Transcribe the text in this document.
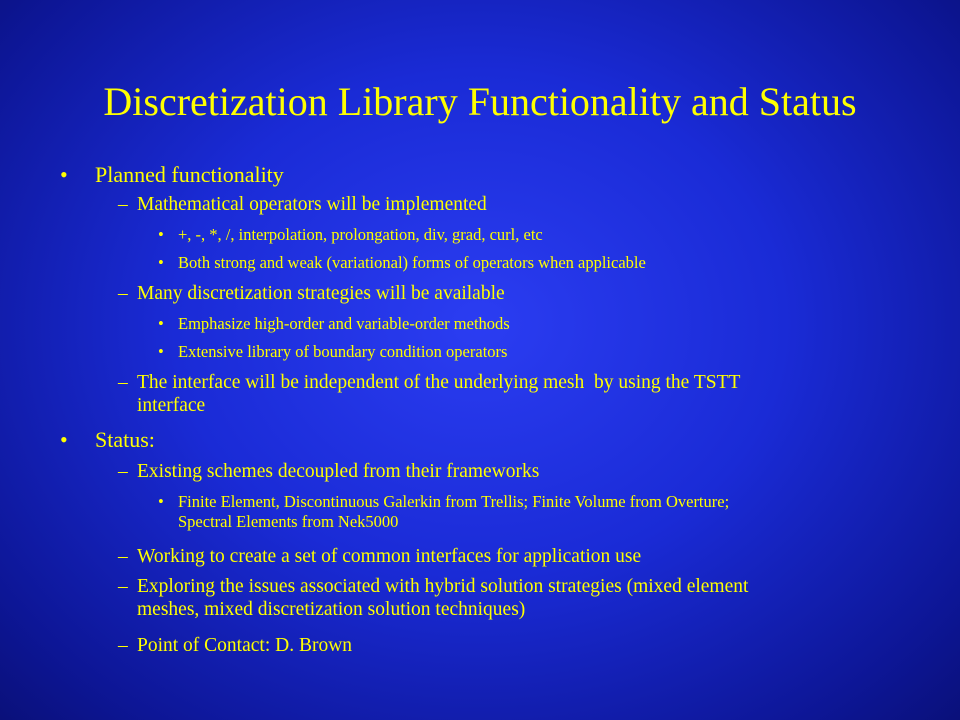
Discretization Library Functionality and Status
• Planned functionality
– Mathematical operators will be implemented
• +, -, *, /, interpolation, prolongation, div, grad, curl, etc
• Both strong and weak (variational) forms of operators when applicable
– Many discretization strategies will be available
• Emphasize high-order and variable-order methods
• Extensive library of boundary condition operators
– The interface will be independent of the underlying mesh  by using the TSTT
interface
• Status:
– Existing schemes decoupled from their frameworks
• Finite Element, Discontinuous Galerkin from Trellis; Finite Volume from Overture;
Spectral Elements from Nek5000
– Working to create a set of common interfaces for application use
– Exploring the issues associated with hybrid solution strategies (mixed element
meshes, mixed discretization solution techniques)
– Point of Contact: D. Brown
